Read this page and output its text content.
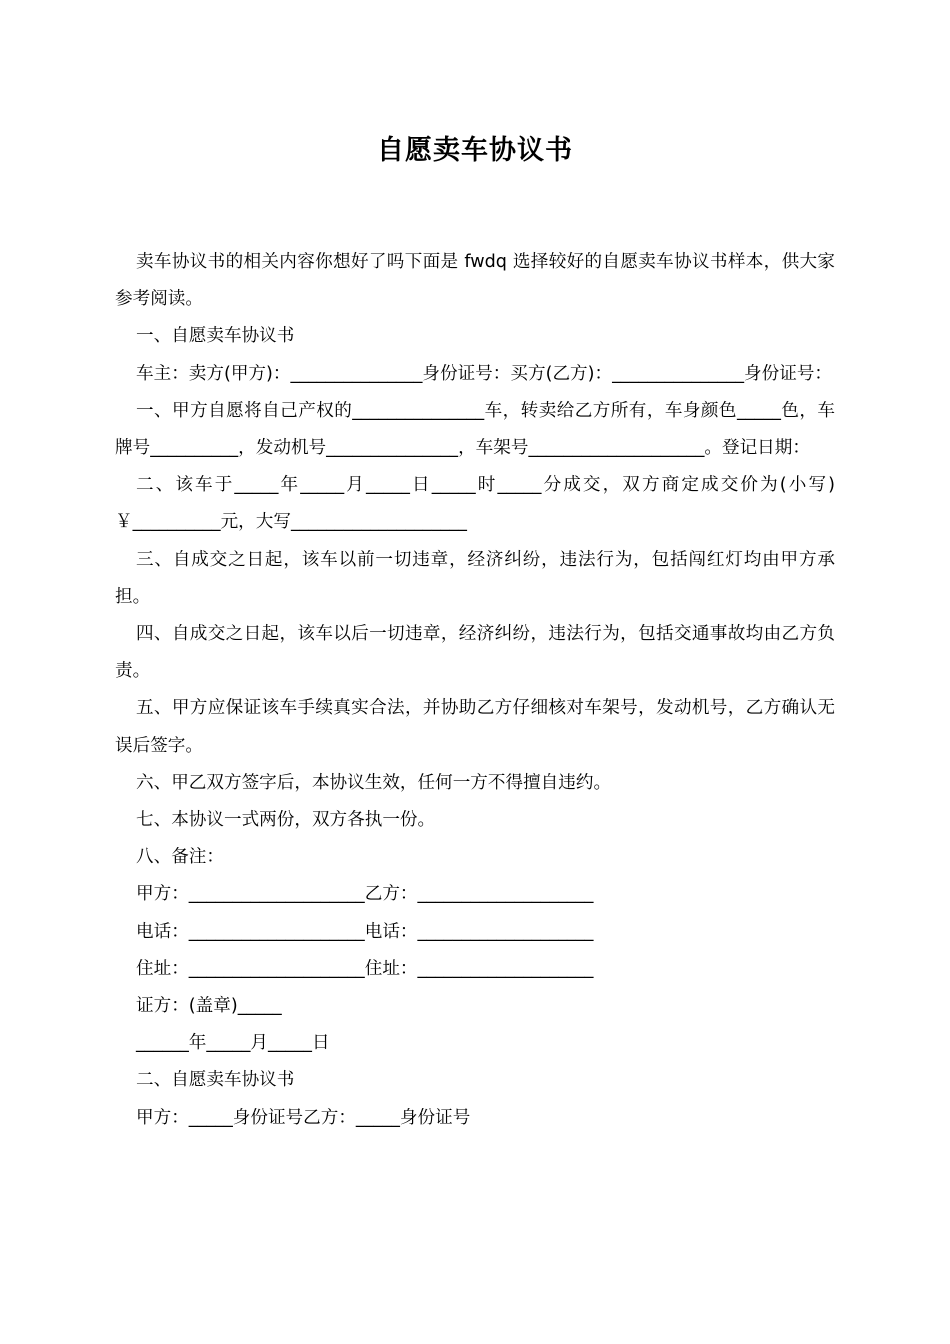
自愿卖车协议书

卖车协议书的相关内容你想好了吗下面是 fwdq 选择较好的自愿卖车协议书样本，供大家参考阅读。

一、自愿卖车协议书

车主：卖方(甲方)：_______________身份证号：买方(乙方)：_______________身份证号：

一、甲方自愿将自己产权的_______________车，转卖给乙方所有，车身颜色_____色，车牌号__________，发动机号_______________，车架号____________________。登记日期：

二、该车于_____年_____月_____日_____时_____分成交，双方商定成交价为(小写)￥__________元，大写____________________

三、自成交之日起，该车以前一切违章，经济纠纷，违法行为，包括闯红灯均由甲方承担。

四、自成交之日起，该车以后一切违章，经济纠纷，违法行为，包括交通事故均由乙方负责。

五、甲方应保证该车手续真实合法，并协助乙方仔细核对车架号，发动机号，乙方确认无误后签字。

六、甲乙双方签字后，本协议生效，任何一方不得擅自违约。

七、本协议一式两份，双方各执一份。

八、备注：

甲方：____________________乙方：____________________

电话：____________________电话：____________________

住址：____________________住址：____________________

证方：(盖章)_____

______年_____月_____日

二、自愿卖车协议书

甲方：_____身份证号乙方：_____身份证号
